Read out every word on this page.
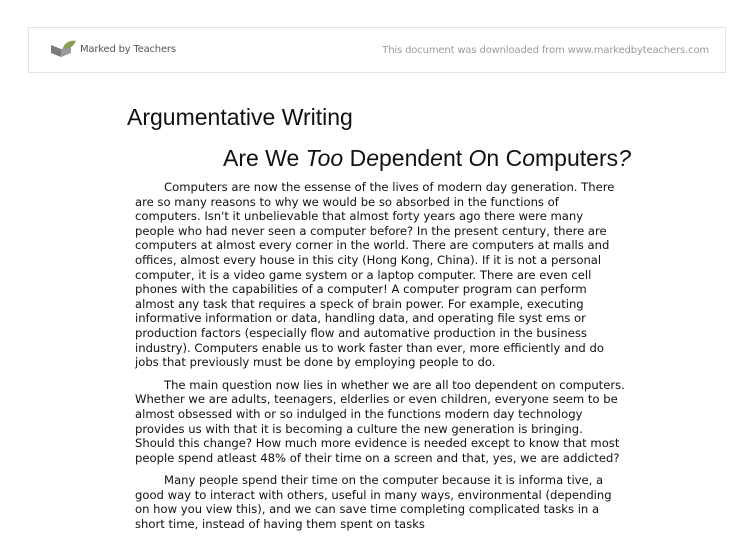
Marked by Teachers	This document was downloaded from www.markedbyteachers.com
Argumentative Writing
Are We Too Dependent On Computers?

Computers are now the essense of the lives of modern day generation. There are so many reasons to why we would be so absorbed in the functions of computers. Isn't it unbelievable that almost forty years ago there were many people who had never seen a computer before? In the present century, there are computers at almost every corner in the world. There are computers at malls and offices, almost every house in this city (Hong Kong, China). If it is not a personal computer, it is a video game system or a laptop computer. There are even cell phones with the capabilities of a computer! A computer program can perform almost any task that requires a speck of brain power. For example, executing informative information or data, handling data, and operating file syst ems or production factors (especially flow and automative production in the business industry). Computers enable us to work faster than ever, more efficiently and do jobs that previously must be done by employing people to do.

The main question now lies in whether we are all too dependent on computers. Whether we are adults, teenagers, elderlies or even children, everyone seem to be almost obsessed with or so indulged in the functions modern day technology provides us with that it is becoming a culture the new generation is bringing. Should this change? How much more evidence is needed except to know that most people spend atleast 48% of their time on a screen and that, yes, we are addicted?

Many people spend their time on the computer because it is informa tive, a good way to interact with others, useful in many ways, environmental (depending on how you view this), and we can save time completing complicated tasks in a short time, instead of having them spent on tasks
